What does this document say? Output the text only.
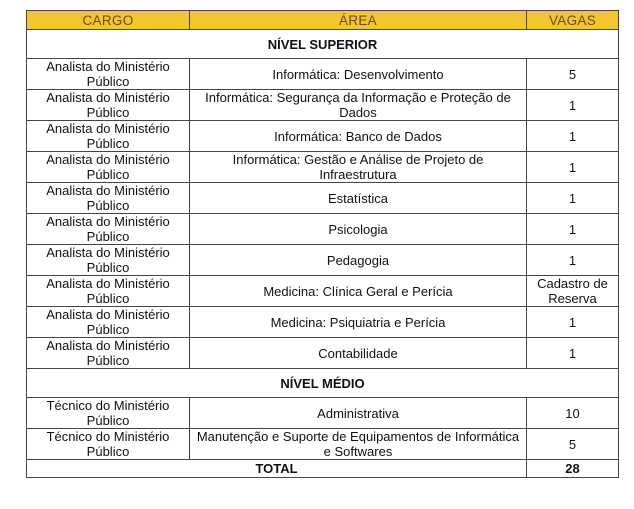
CARGO	ÁREA	VAGAS
NÍVEL SUPERIOR		
Analista do Ministério Público	Informática: Desenvolvimento	5
Analista do Ministério Público	Informática: Segurança da Informação e Proteção de Dados	1
Analista do Ministério Público	Informática: Banco de Dados	1
Analista do Ministério Público	Informática: Gestão e Análise de Projeto de Infraestrutura	1
Analista do Ministério Público	Estatística	1
Analista do Ministério Público	Psicologia	1
Analista do Ministério Público	Pedagogia	1
Analista do Ministério Público	Medicina: Clínica Geral e Perícia	Cadastro de Reserva
Analista do Ministério Público	Medicina: Psiquiatria e Perícia	1
Analista do Ministério Público	Contabilidade	1
NÍVEL MÉDIO		
Técnico do Ministério Público	Administrativa	10
Técnico do Ministério Público	Manutenção e Suporte de Equipamentos de Informática e Softwares	5
TOTAL		28
